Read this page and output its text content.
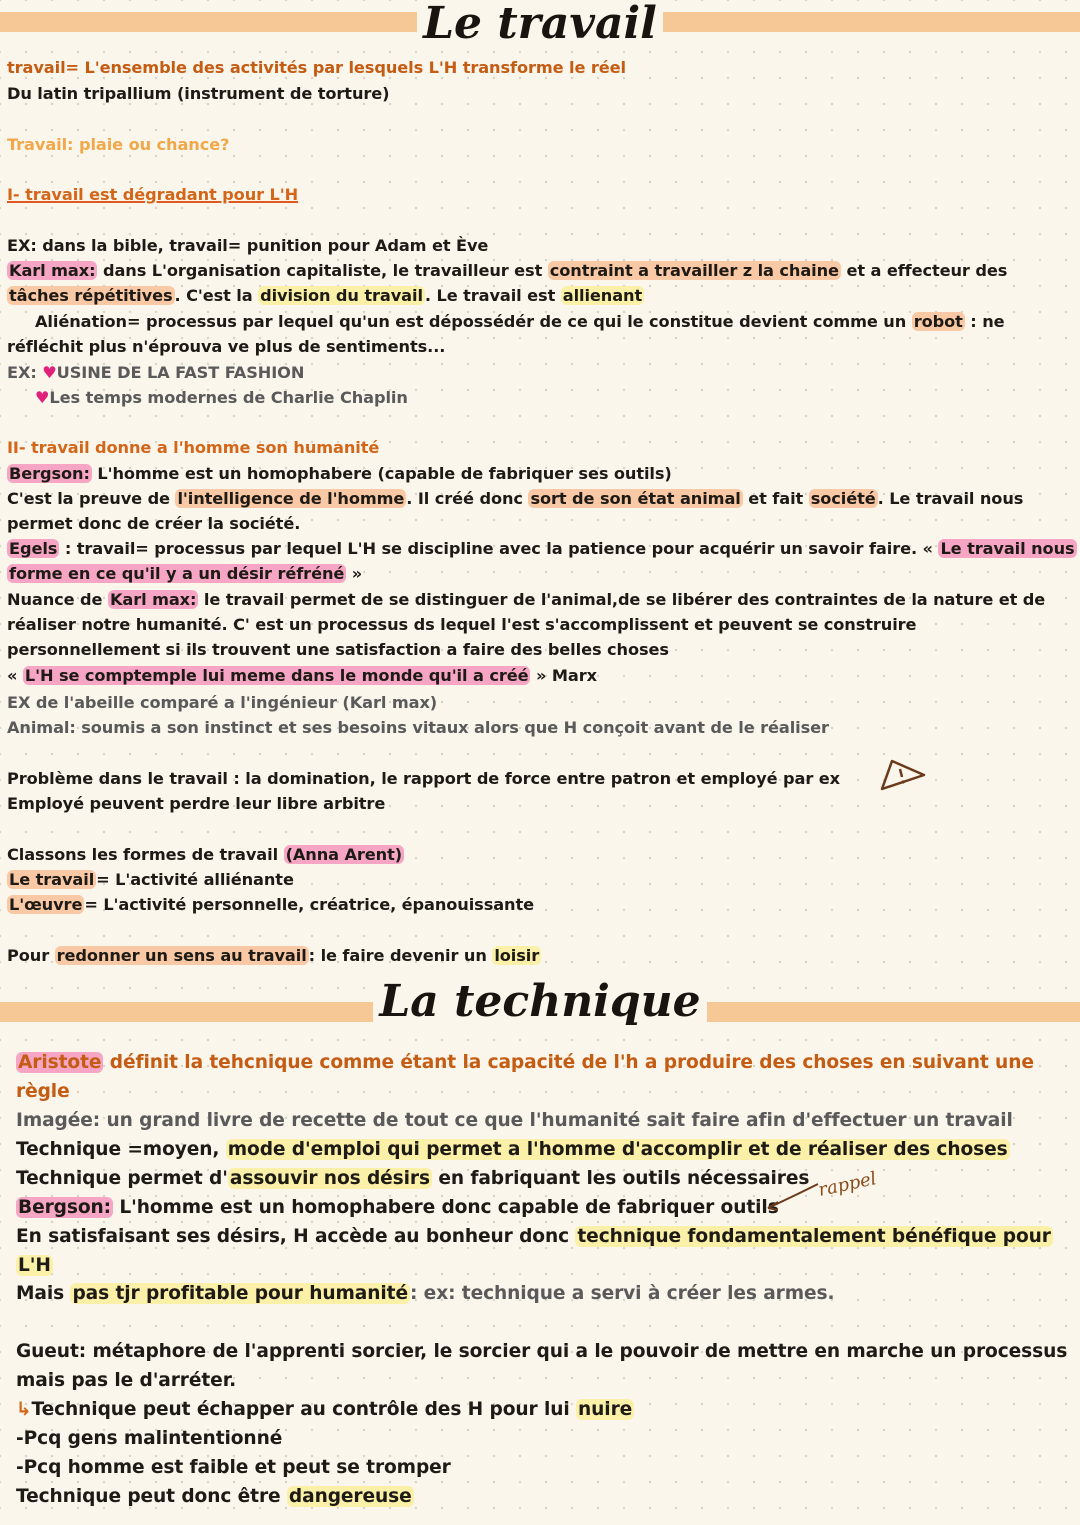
Le travail
travail= L'ensemble des activités par lesquels L'H transforme le réel
Du latin tripallium (instrument de torture)
Travail: plaie ou chance?
I- travail est dégradant pour L'H
EX: dans la bible, travail= punition pour Adam et Ève
Karl max: dans L'organisation capitaliste, le travailleur est contraint a travailler z la chaine et a effecteur des
tâches répétitives . C'est la division du travail . Le travail est allienant
Aliénation= processus par lequel qu'un est dépossédér de ce qui le constitue devient comme un robot : ne
réfléchit plus n'éprouva ve plus de sentiments...
EX: ♥USINE DE LA FAST FASHION
♥Les temps modernes de Charlie Chaplin
II- travail donne a l'homme son humanité
Bergson: L'homme est un homophabere (capable de fabriquer ses outils)
C'est la preuve de l'intelligence de l'homme . Il créé donc sort de son état animal et fait société . Le travail nous
permet donc de créer la société.
Egels : travail= processus par lequel L'H se discipline avec la patience pour acquérir un savoir faire. « Le travail nous
forme en ce qu'il y a un désir réfréné »
Nuance de Karl max: le travail permet de se distinguer de l'animal,de se libérer des contraintes de la nature et de
réaliser notre humanité. C' est un processus ds lequel l'est s'accomplissent et peuvent se construire
personnellement si ils trouvent une satisfaction a faire des belles choses
« L'H se comptemple lui meme dans le monde qu'il a créé » Marx
EX de l'abeille comparé a l'ingénieur (Karl max)
Animal: soumis a son instinct et ses besoins vitaux alors que H conçoit avant de le réaliser
Problème dans le travail : la domination, le rapport de force entre patron et employé par ex
Employé peuvent perdre leur libre arbitre
Classons les formes de travail (Anna Arent)
Le travail = L'activité alliénante
L'œuvre = L'activité personnelle, créatrice, épanouissante
Pour redonner un sens au travail : le faire devenir un loisir
La technique
Aristote définit la tehcnique comme étant la capacité de l'h a produire des choses en suivant une
règle
Imagée: un grand livre de recette de tout ce que l'humanité sait faire afin d'effectuer un travail
Technique =moyen, mode d'emploi qui permet a l'homme d'accomplir et de réaliser des choses
Technique permet d' assouvir nos désirs en fabriquant les outils nécessaires
Bergson: L'homme est un homophabere donc capable de fabriquer outils
rappel
En satisfaisant ses désirs, H accède au bonheur donc technique fondamentalement bénéfique pour
L'H
Mais pas tjr profitable pour humanité : ex: technique a servi à créer les armes.
Gueut: métaphore de l'apprenti sorcier, le sorcier qui a le pouvoir de mettre en marche un processus
mais pas le d'arréter.
↳Technique peut échapper au contrôle des H pour lui nuire
-Pcq gens malintentionné
-Pcq homme est faible et peut se tromper
Technique peut donc être dangereuse
